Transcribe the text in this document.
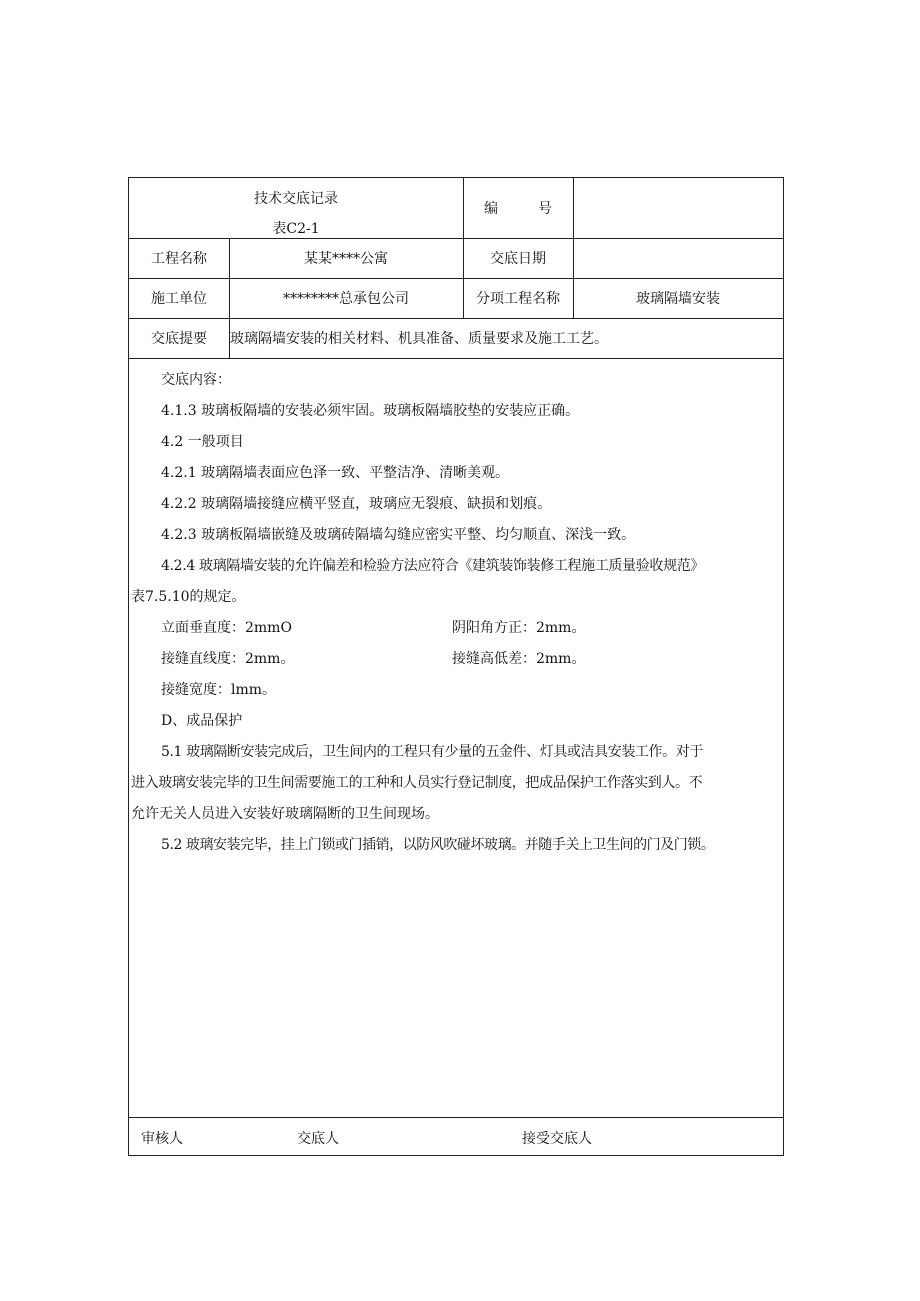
技术交底记录
表C2-1
编	号
工程名称	某某****公寓	交底日期
施工单位	********总承包公司	分项工程名称	玻璃隔墙安装
交底提要	玻璃隔墙安装的相关材料、机具准备、质量要求及施工工艺。
交底内容：
4.1.3 玻璃板隔墙的安装必须牢固。玻璃板隔墙胶垫的安装应正确。
4.2 一般项目
4.2.1 玻璃隔墙表面应色泽一致、平整洁净、清晰美观。
4.2.2 玻璃隔墙接缝应横平竖直，玻璃应无裂痕、缺损和划痕。
4.2.3 玻璃板隔墙嵌缝及玻璃砖隔墙勾缝应密实平整、均匀顺直、深浅一致。
4.2.4 玻璃隔墙安装的允许偏差和检验方法应符合《建筑装饰装修工程施工质量验收规范》
表7.5.10的规定。
立面垂直度：2mmO	阴阳角方正：2mm。
接缝直线度：2mm。	接缝高低差：2mm。
接缝宽度：lmm。
D、成品保护
5.1 玻璃隔断安装完成后，卫生间内的工程只有少量的五金件、灯具或洁具安装工作。对于
进入玻璃安装完毕的卫生间需要施工的工种和人员实行登记制度，把成品保护工作落实到人。不
允许无关人员进入安装好玻璃隔断的卫生间现场。
5.2 玻璃安装完毕，挂上门锁或门插销，以防风吹碰坏玻璃。并随手关上卫生间的门及门锁。
审核人	交底人	接受交底人
